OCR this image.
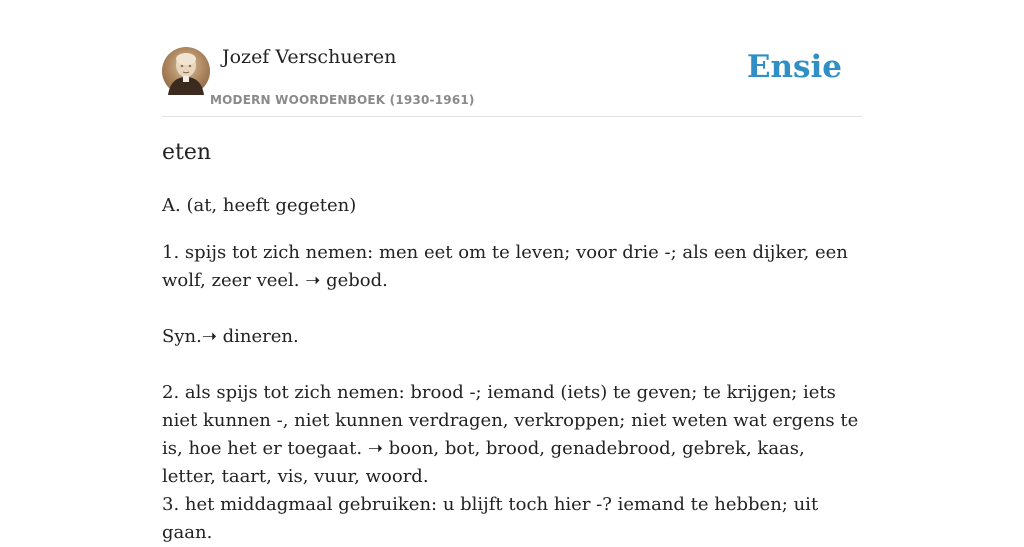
Jozef Verschueren
MODERN WOORDENBOEK (1930-1961)
Ensie
eten

A. (at, heeft gegeten)

1. spijs tot zich nemen: men eet om te leven; voor drie -; als een dijker, een wolf, zeer veel. ➝ gebod.

Syn.➝ dineren.

2. als spijs tot zich nemen: brood -; iemand (iets) te geven; te krijgen; iets niet kunnen -, niet kunnen verdragen, verkroppen; niet weten wat ergens te is, hoe het er toegaat. ➝ boon, bot, brood, genadebrood, gebrek, kaas, letter, taart, vis, vuur, woord.

3. het middagmaal gebruiken: u blijft toch hier -? iemand te hebben; uit gaan.
